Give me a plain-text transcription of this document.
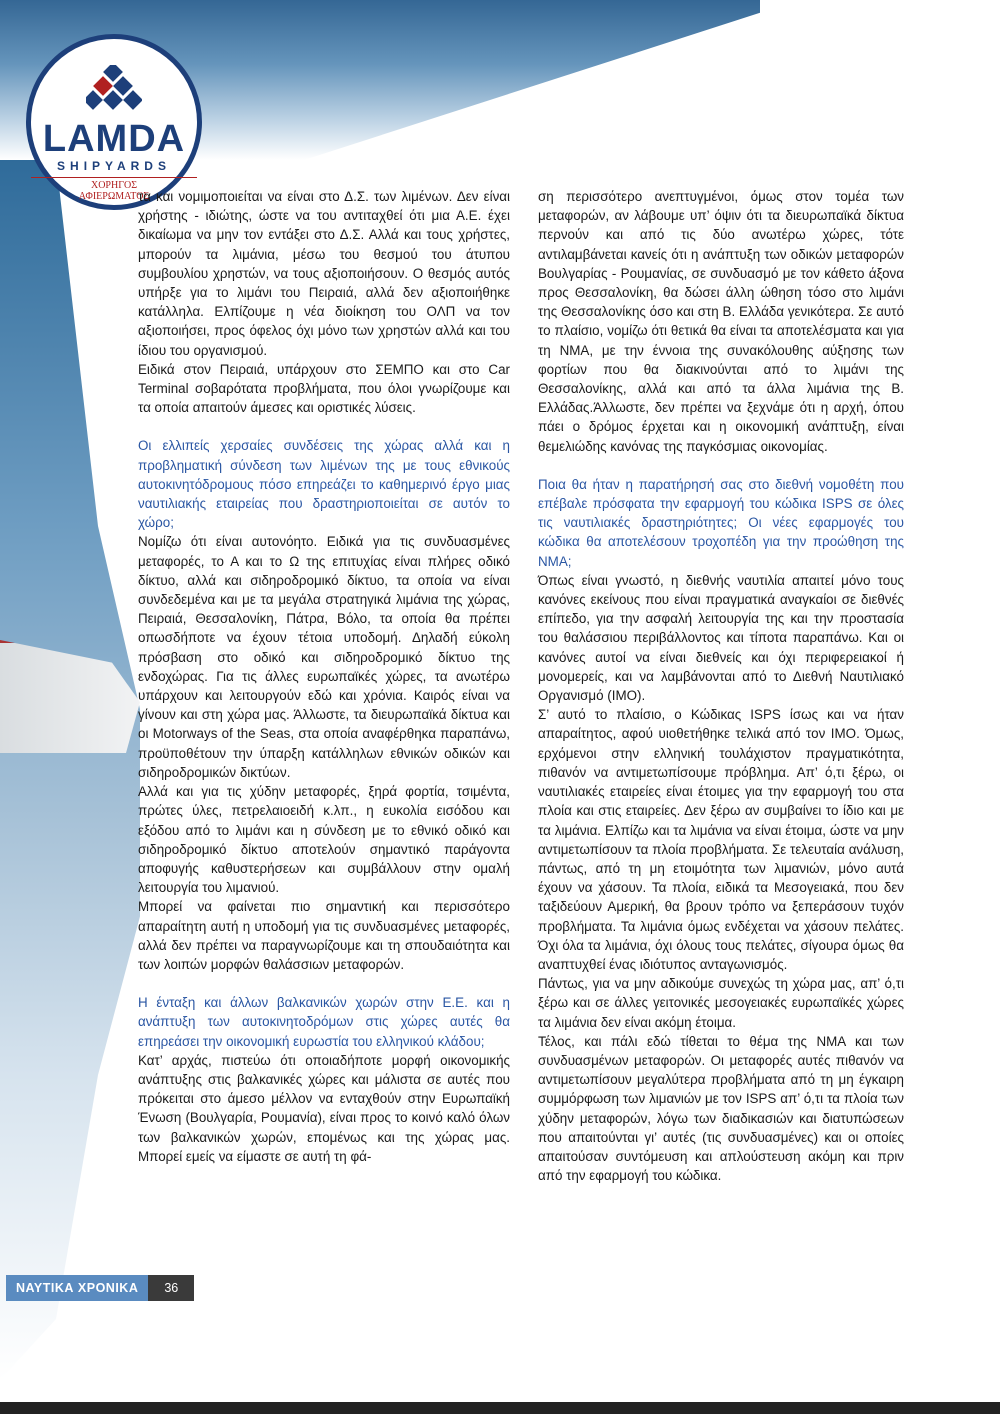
LAMDA
SHIPYARDS
ΧΟΡΗΓΟΣ
ΑΦΙΕΡΩΜΑΤΟΣ

τα και νομιμοποιείται να είναι στο Δ.Σ. των λιμένων. Δεν είναι χρήστης - ιδιώτης, ώστε να του αντιταχθεί ότι μια Α.Ε. έχει δικαίωμα να μην τον εντάξει στο Δ.Σ. Αλλά και τους χρήστες, μπορούν τα λιμάνια, μέσω του θεσμού του άτυπου συμβουλίου χρηστών, να τους αξιοποιήσουν. Ο θεσμός αυτός υπήρξε για το λιμάνι του Πειραιά, αλλά δεν αξιοποιήθηκε κατάλληλα. Ελπίζουμε η νέα διοίκηση του ΟΛΠ να τον αξιοποιήσει, προς όφελος όχι μόνο των χρηστών αλλά και του ίδιου του οργανισμού.

Ειδικά στον Πειραιά, υπάρχουν στο ΣΕΜΠΟ και στο Car Terminal σοβαρότατα προβλήματα, που όλοι γνωρίζουμε και τα οποία απαιτούν άμεσες και οριστικές λύσεις.

Οι ελλιπείς χερσαίες συνδέσεις της χώρας αλλά και η προβληματική σύνδεση των λιμένων της με τους εθνικούς αυτοκινητόδρομους πόσο επηρεάζει το καθημερινό έργο μιας ναυτιλιακής εταιρείας που δραστηριοποιείται σε αυτόν το χώρο;

Νομίζω ότι είναι αυτονόητο. Ειδικά για τις συνδυασμένες μεταφορές, το Α και το Ω της επιτυχίας είναι πλήρες οδικό δίκτυο, αλλά και σιδηροδρομικό δίκτυο, τα οποία να είναι συνδεδεμένα και με τα μεγάλα στρατηγικά λιμάνια της χώρας, Πειραιά, Θεσσαλονίκη, Πάτρα, Βόλο, τα οποία θα πρέπει οπωσδήποτε να έχουν τέτοια υποδομή. Δηλαδή εύκολη πρόσβαση στο οδικό και σιδηροδρομικό δίκτυο της ενδοχώρας. Για τις άλλες ευρωπαϊκές χώρες, τα ανωτέρω υπάρχουν και λειτουργούν εδώ και χρόνια. Καιρός είναι να γίνουν και στη χώρα μας. Άλλωστε, τα διευρωπαϊκά δίκτυα και οι Motorways of the Seas, στα οποία αναφέρθηκα παραπάνω, προϋποθέτουν την ύπαρξη κατάλληλων εθνικών οδικών και σιδηροδρομικών δικτύων.

Αλλά και για τις χύδην μεταφορές, ξηρά φορτία, τσιμέντα, πρώτες ύλες, πετρελαιοειδή κ.λπ., η ευκολία εισόδου και εξόδου από το λιμάνι και η σύνδεση με το εθνικό οδικό και σιδηροδρομικό δίκτυο αποτελούν σημαντικό παράγοντα αποφυγής καθυστερήσεων και συμβάλλουν στην ομαλή λειτουργία του λιμανιού.

Μπορεί να φαίνεται πιο σημαντική και περισσότερο απαραίτητη αυτή η υποδομή για τις συνδυασμένες μεταφορές, αλλά δεν πρέπει να παραγνωρίζουμε και τη σπουδαιότητα και των λοιπών μορφών θαλάσσιων μεταφορών.

Η ένταξη και άλλων βαλκανικών χωρών στην Ε.Ε. και η ανάπτυξη των αυτοκινητοδρόμων στις χώρες αυτές θα επηρεάσει την οικονομική ευρωστία του ελληνικού κλάδου;

Κατ’ αρχάς, πιστεύω ότι οποιαδήποτε μορφή οικονομικής ανάπτυξης στις βαλκανικές χώρες και μάλιστα σε αυτές που πρόκειται στο άμεσο μέλλον να ενταχθούν στην Ευρωπαϊκή Ένωση (Βουλγαρία, Ρουμανία), είναι προς το κοινό καλό όλων των βαλκανικών χωρών, επομένως και της χώρας μας. Μπορεί εμείς να είμαστε σε αυτή τη φά-

ση περισσότερο ανεπτυγμένοι, όμως στον τομέα των μεταφορών, αν λάβουμε υπ’ όψιν ότι τα διευρωπαϊκά δίκτυα περνούν και από τις δύο ανωτέρω χώρες, τότε αντιλαμβάνεται κανείς ότι η ανάπτυξη των οδικών μεταφορών Βουλγαρίας - Ρουμανίας, σε συνδυασμό με τον κάθετο άξονα προς Θεσσαλονίκη, θα δώσει άλλη ώθηση τόσο στο λιμάνι της Θεσσαλονίκης όσο και στη Β. Ελλάδα γενικότερα. Σε αυτό το πλαίσιο, νομίζω ότι θετικά θα είναι τα αποτελέσματα και για τη ΝΜΑ, με την έννοια της συνακόλουθης αύξησης των φορτίων που θα διακινούνται από το λιμάνι της Θεσσαλονίκης, αλλά και από τα άλλα λιμάνια της Β. Ελλάδας.Άλλωστε, δεν πρέπει να ξεχνάμε ότι η αρχή, όπου πάει ο δρόμος έρχεται και η οικονομική ανάπτυξη, είναι θεμελιώδης κανόνας της παγκόσμιας οικονομίας.

Ποια θα ήταν η παρατήρησή σας στο διεθνή νομοθέτη που επέβαλε πρόσφατα την εφαρμογή του κώδικα ISPS σε όλες τις ναυτιλιακές δραστηριότητες; Οι νέες εφαρμογές του κώδικα θα αποτελέσουν τροχοπέδη για την προώθηση της ΝΜΑ;

Όπως είναι γνωστό, η διεθνής ναυτιλία απαιτεί μόνο τους κανόνες εκείνους που είναι πραγματικά αναγκαίοι σε διεθνές επίπεδο, για την ασφαλή λειτουργία της και την προστασία του θαλάσσιου περιβάλλοντος και τίποτα παραπάνω. Και οι κανόνες αυτοί να είναι διεθνείς και όχι περιφερειακοί ή μονομερείς, και να λαμβάνονται από το Διεθνή Ναυτιλιακό Οργανισμό (ΙΜΟ).

Σ’ αυτό το πλαίσιο, ο Κώδικας ISPS ίσως και να ήταν απαραίτητος, αφού υιοθετήθηκε τελικά από τον ΙΜΟ. Όμως, ερχόμενοι στην ελληνική τουλάχιστον πραγματικότητα, πιθανόν να αντιμετωπίσουμε πρόβλημα. Απ’ ό,τι ξέρω, οι ναυτιλιακές εταιρείες είναι έτοιμες για την εφαρμογή του στα πλοία και στις εταιρείες. Δεν ξέρω αν συμβαίνει το ίδιο και με τα λιμάνια. Ελπίζω και τα λιμάνια να είναι έτοιμα, ώστε να μην αντιμετωπίσουν τα πλοία προβλήματα. Σε τελευταία ανάλυση, πάντως, από τη μη ετοιμότητα των λιμανιών, μόνο αυτά έχουν να χάσουν. Τα πλοία, ειδικά τα Μεσογειακά, που δεν ταξιδεύουν Αμερική, θα βρουν τρόπο να ξεπεράσουν τυχόν προβλήματα. Τα λιμάνια όμως ενδέχεται να χάσουν πελάτες. Όχι όλα τα λιμάνια, όχι όλους τους πελάτες, σίγουρα όμως θα αναπτυχθεί ένας ιδιότυπος ανταγωνισμός.

Πάντως, για να μην αδικούμε συνεχώς τη χώρα μας, απ’ ό,τι ξέρω και σε άλλες γειτονικές μεσογειακές ευρωπαϊκές χώρες τα λιμάνια δεν είναι ακόμη έτοιμα.

Τέλος, και πάλι εδώ τίθεται το θέμα της ΝΜΑ και των συνδυασμένων μεταφορών. Οι μεταφορές αυτές πιθανόν να αντιμετωπίσουν μεγαλύτερα προβλήματα από τη μη έγκαιρη συμμόρφωση των λιμανιών με τον ISPS απ’ ό,τι τα πλοία των χύδην μεταφορών, λόγω των διαδικασιών και διατυπώσεων που απαιτούνται γι’ αυτές (τις συνδυασμένες) και οι οποίες απαιτούσαν συντόμευση και απλούστευση ακόμη και πριν από την εφαρμογή του κώδικα.

ΝΑΥΤΙΚΑ ΧΡΟΝΙΚΑ	36
